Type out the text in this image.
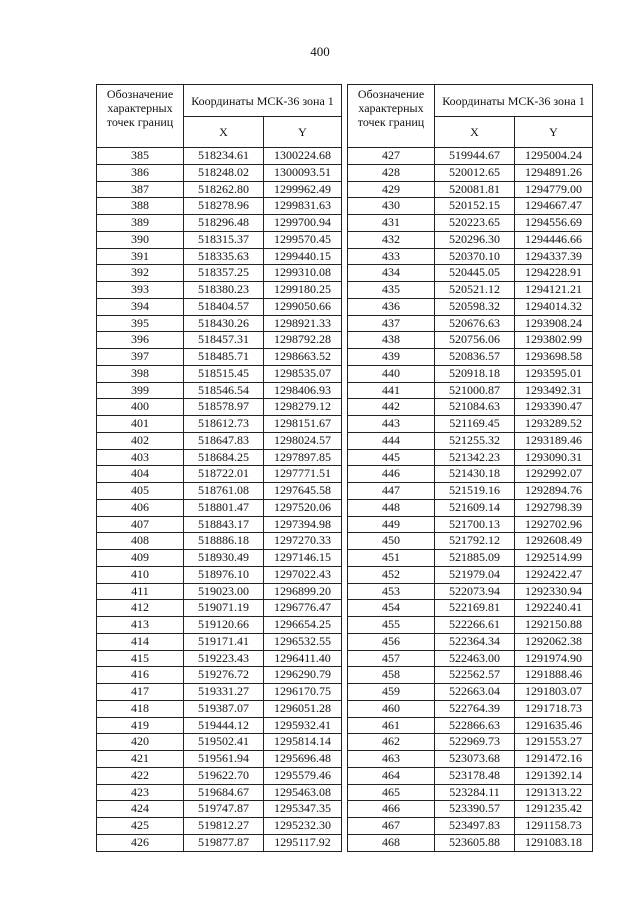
400
Обозначение характерных точек границ	Координаты МСК-36 зона 1	
	X	Y
385	518234.61	1300224.68
386	518248.02	1300093.51
387	518262.80	1299962.49
388	518278.96	1299831.63
389	518296.48	1299700.94
390	518315.37	1299570.45
391	518335.63	1299440.15
392	518357.25	1299310.08
393	518380.23	1299180.25
394	518404.57	1299050.66
395	518430.26	1298921.33
396	518457.31	1298792.28
397	518485.71	1298663.52
398	518515.45	1298535.07
399	518546.54	1298406.93
400	518578.97	1298279.12
401	518612.73	1298151.67
402	518647.83	1298024.57
403	518684.25	1297897.85
404	518722.01	1297771.51
405	518761.08	1297645.58
406	518801.47	1297520.06
407	518843.17	1297394.98
408	518886.18	1297270.33
409	518930.49	1297146.15
410	518976.10	1297022.43
411	519023.00	1296899.20
412	519071.19	1296776.47
413	519120.66	1296654.25
414	519171.41	1296532.55
415	519223.43	1296411.40
416	519276.72	1296290.79
417	519331.27	1296170.75
418	519387.07	1296051.28
419	519444.12	1295932.41
420	519502.41	1295814.14
421	519561.94	1295696.48
422	519622.70	1295579.46
423	519684.67	1295463.08
424	519747.87	1295347.35
425	519812.27	1295232.30
426	519877.87	1295117.92
Обозначение характерных точек границ	Координаты МСК-36 зона 1	
	X	Y
427	519944.67	1295004.24
428	520012.65	1294891.26
429	520081.81	1294779.00
430	520152.15	1294667.47
431	520223.65	1294556.69
432	520296.30	1294446.66
433	520370.10	1294337.39
434	520445.05	1294228.91
435	520521.12	1294121.21
436	520598.32	1294014.32
437	520676.63	1293908.24
438	520756.06	1293802.99
439	520836.57	1293698.58
440	520918.18	1293595.01
441	521000.87	1293492.31
442	521084.63	1293390.47
443	521169.45	1293289.52
444	521255.32	1293189.46
445	521342.23	1293090.31
446	521430.18	1292992.07
447	521519.16	1292894.76
448	521609.14	1292798.39
449	521700.13	1292702.96
450	521792.12	1292608.49
451	521885.09	1292514.99
452	521979.04	1292422.47
453	522073.94	1292330.94
454	522169.81	1292240.41
455	522266.61	1292150.88
456	522364.34	1292062.38
457	522463.00	1291974.90
458	522562.57	1291888.46
459	522663.04	1291803.07
460	522764.39	1291718.73
461	522866.63	1291635.46
462	522969.73	1291553.27
463	523073.68	1291472.16
464	523178.48	1291392.14
465	523284.11	1291313.22
466	523390.57	1291235.42
467	523497.83	1291158.73
468	523605.88	1291083.18
